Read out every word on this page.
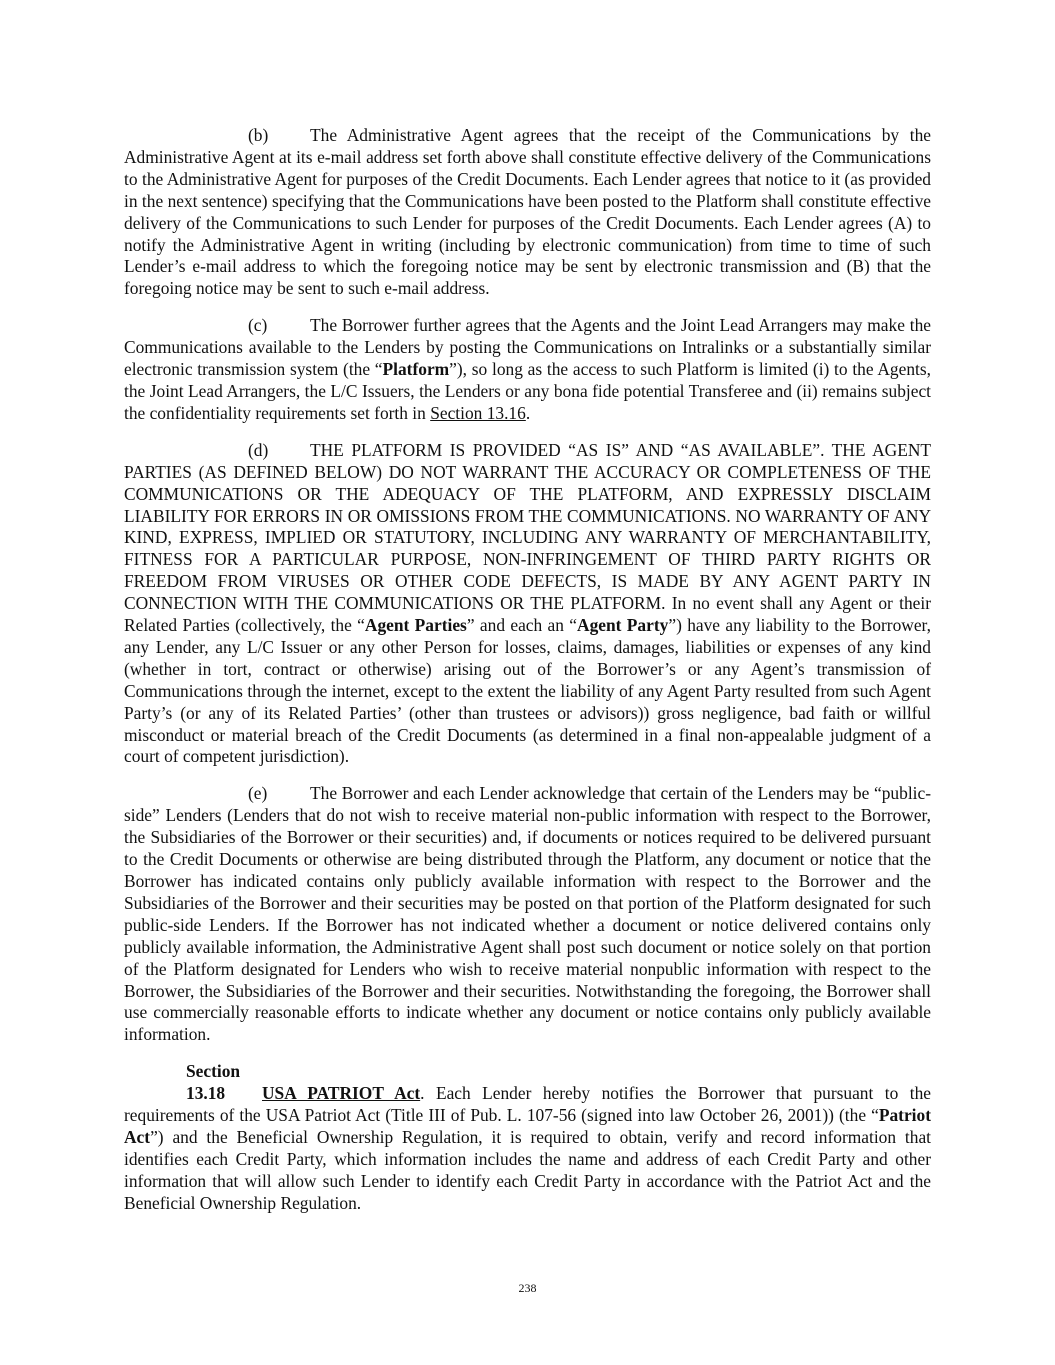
(b) The Administrative Agent agrees that the receipt of the Communications by the Administrative Agent at its e-mail address set forth above shall constitute effective delivery of the Communications to the Administrative Agent for purposes of the Credit Documents. Each Lender agrees that notice to it (as provided in the next sentence) specifying that the Communications have been posted to the Platform shall constitute effective delivery of the Communications to such Lender for purposes of the Credit Documents. Each Lender agrees (A) to notify the Administrative Agent in writing (including by electronic communication) from time to time of such Lender’s e-mail address to which the foregoing notice may be sent by electronic transmission and (B) that the foregoing notice may be sent to such e-mail address.

(c) The Borrower further agrees that the Agents and the Joint Lead Arrangers may make the Communications available to the Lenders by posting the Communications on Intralinks or a substantially similar electronic transmission system (the “Platform”), so long as the access to such Platform is limited (i) to the Agents, the Joint Lead Arrangers, the L/C Issuers, the Lenders or any bona fide potential Transferee and (ii) remains subject the confidentiality requirements set forth in Section 13.16.

(d) THE PLATFORM IS PROVIDED “AS IS” AND “AS AVAILABLE”. THE AGENT PARTIES (AS DEFINED BELOW) DO NOT WARRANT THE ACCURACY OR COMPLETENESS OF THE COMMUNICATIONS OR THE ADEQUACY OF THE PLATFORM, AND EXPRESSLY DISCLAIM LIABILITY FOR ERRORS IN OR OMISSIONS FROM THE COMMUNICATIONS. NO WARRANTY OF ANY KIND, EXPRESS, IMPLIED OR STATUTORY, INCLUDING ANY WARRANTY OF MERCHANTABILITY, FITNESS FOR A PARTICULAR PURPOSE, NON-INFRINGEMENT OF THIRD PARTY RIGHTS OR FREEDOM FROM VIRUSES OR OTHER CODE DEFECTS, IS MADE BY ANY AGENT PARTY IN CONNECTION WITH THE COMMUNICATIONS OR THE PLATFORM. In no event shall any Agent or their Related Parties (collectively, the “Agent Parties” and each an “Agent Party”) have any liability to the Borrower, any Lender, any L/C Issuer or any other Person for losses, claims, damages, liabilities or expenses of any kind (whether in tort, contract or otherwise) arising out of the Borrower’s or any Agent’s transmission of Communications through the internet, except to the extent the liability of any Agent Party resulted from such Agent Party’s (or any of its Related Parties’ (other than trustees or advisors)) gross negligence, bad faith or willful misconduct or material breach of the Credit Documents (as determined in a final non-appealable judgment of a court of competent jurisdiction).

(e) The Borrower and each Lender acknowledge that certain of the Lenders may be “public-side” Lenders (Lenders that do not wish to receive material non-public information with respect to the Borrower, the Subsidiaries of the Borrower or their securities) and, if documents or notices required to be delivered pursuant to the Credit Documents or otherwise are being distributed through the Platform, any document or notice that the Borrower has indicated contains only publicly available information with respect to the Borrower and the Subsidiaries of the Borrower and their securities may be posted on that portion of the Platform designated for such public-side Lenders. If the Borrower has not indicated whether a document or notice delivered contains only publicly available information, the Administrative Agent shall post such document or notice solely on that portion of the Platform designated for Lenders who wish to receive material nonpublic information with respect to the Borrower, the Subsidiaries of the Borrower and their securities. Notwithstanding the foregoing, the Borrower shall use commercially reasonable efforts to indicate whether any document or notice contains only publicly available information.

Section 13.18 USA PATRIOT Act. Each Lender hereby notifies the Borrower that pursuant to the requirements of the USA Patriot Act (Title III of Pub. L. 107-56 (signed into law October 26, 2001)) (the “Patriot Act”) and the Beneficial Ownership Regulation, it is required to obtain, verify and record information that identifies each Credit Party, which information includes the name and address of each Credit Party and other information that will allow such Lender to identify each Credit Party in accordance with the Patriot Act and the Beneficial Ownership Regulation.

238
